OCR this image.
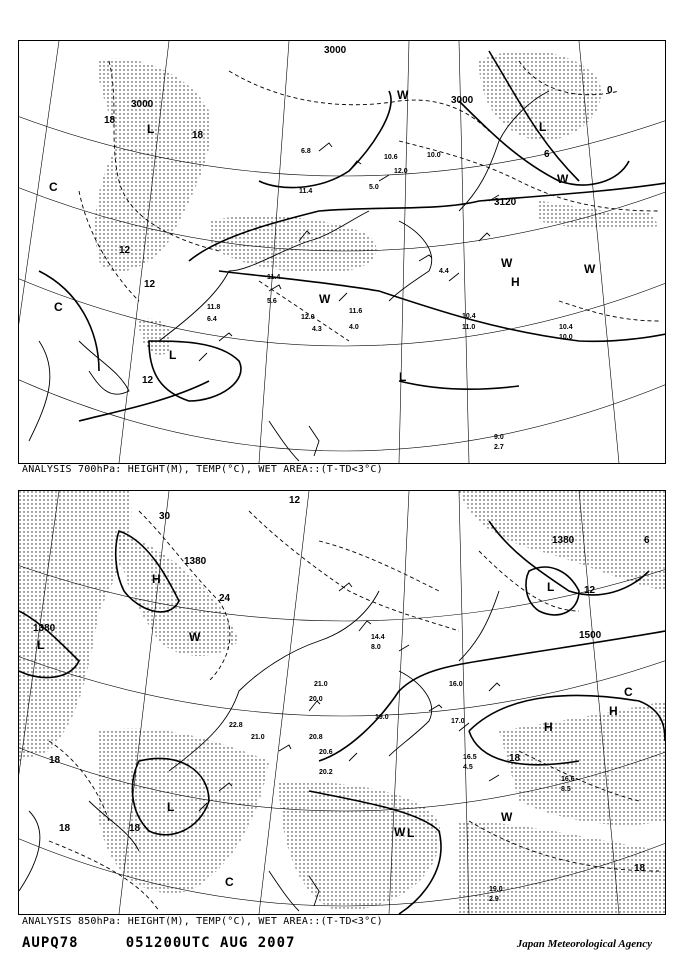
3000
3000	3000
3120
12
12
18
18
12
0
6
L	L
L
L
H
W
W
W
W
C
C
W
6.8
10.6
11.4
5.0
10.0
12.0
11.4
5.6
11.6
4.0
12.0
4.3
11.8
6.4	10.4
11.0
9.0
2.7
10.4
10.0
4.4
ANALYSIS 700hPa: HEIGHT(M), TEMP(°C), WET AREA::(T-TD<3°C)
1380
1380
1380
1500
30
24
18
18	18
18
18
12
12
6
H
L
L
L
H
H
W
W
W
C
C
L
14.4
8.0
21.0
20.0
16.0
20.8
19.0
20.6
17.0
20.2
22.8
21.0
16.5
4.5
16.6
8.5
19.0
2.9
ANALYSIS 850hPa: HEIGHT(M), TEMP(°C), WET AREA::(T-TD<3°C)
AUPQ78	051200UTC AUG 2007	Japan Meteorological Agency
